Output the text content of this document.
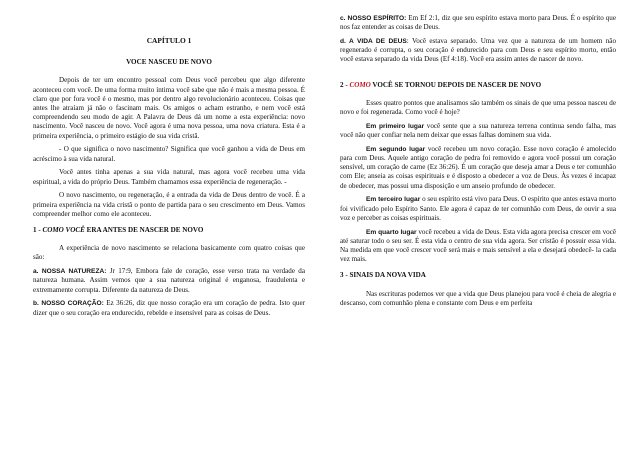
CAPÍTULO 1

VOCE NASCEU DE NOVO

Depois de ter um encontro pessoal com Deus você percebeu que algo diferente aconteceu com você. De uma forma muito íntima você sabe que não é mais a mesma pessoa. É claro que por fora você é o mesmo, mas por dentro algo revolucionário aconteceu. Coisas que antes lhe atraíam já não o fascinam mais. Os amigos o acham estranho, e nem você está compreendendo seu modo de agir. A Palavra de Deus dá um nome a esta experiência: novo nascimento. Você nasceu de novo. Você agora é uma nova pessoa, uma nova criatura. Esta é a primeira experiência, o primeiro estágio de sua vida cristã.

- O que significa o novo nascimento? Significa que você ganhou a vida de Deus em acréscimo à sua vida natural.

Você antes tinha apenas a sua vida natural, mas agora você recebeu uma vida espiritual, a vida do próprio Deus. Também chamamos essa experiência de regeneração. -

O novo nascimento, ou regeneração, é a entrada da vida de Deus dentro de você. É a primeira experiência na vida cristã o ponto de partida para o seu crescimento em Deus. Vamos compreender melhor como ele aconteceu.

1 - COMO VOCÊ ERA ANTES DE NASCER DE NOVO

A experiência de novo nascimento se relaciona basicamente com quatro coisas que são:

a. NOSSA NATUREZA: Jr 17:9, Embora fale de coração, esse verso trata na verdade da natureza humana. Assim vemos que a sua natureza original é enganosa, fraudulenta e extremamente corrupta. Diferente da natureza de Deus.

b. NOSSO CORAÇÃO: Ez 36:26, diz que nosso coração era um coração de pedra. Isto quer dizer que o seu coração era endurecido, rebelde e insensível para as coisas de Deus.

c. NOSSO ESPÍRITO: Em Ef 2:1, diz que seu espírito estava morto para Deus. É o espírito que nos faz entender as coisas de Deus.

d. A VIDA DE DEUS: Você estava separado. Uma vez que a natureza de um homem não regenerado é corrupta, o seu coração é endurecido para com Deus e seu espírito morto, então você estava separado da vida Deus (Ef 4:18). Você era assim antes de nascer de novo.

2 - COMO VOCÊ SE TORNOU DEPOIS DE NASCER DE NOVO

Esses quatro pontos que analisamos são também os sinais de que uma pessoa nasceu de novo e foi regenerada. Como você é hoje?

Em primeiro lugar você sente que a sua natureza terrena continua sendo falha, mas você não quer confiar nela nem deixar que essas falhas dominem sua vida.

Em segundo lugar você recebeu um novo coração. Esse novo coração é amolecido para com Deus. Aquele antigo coração de pedra foi removido e agora você possui um coração sensível, um coração de carne (Ez 36:26). É um coração que deseja amar a Deus e ter comunhão com Ele; anseia as coisas espirituais e é disposto a obedecer a voz de Deus. Às vezes é incapaz de obedecer, mas possui uma disposição e um anseio profundo de obedecer.

Em terceiro lugar o seu espírito está vivo para Deus. O espírito que antes estava morto foi vivificado pelo Espírito Santo. Ele agora é capaz de ter comunhão com Deus, de ouvir a sua voz e perceber as coisas espirituais.

Em quarto lugar você recebeu a vida de Deus. Esta vida agora precisa crescer em você até saturar todo o seu ser. É esta vida o centro de sua vida agora. Ser cristão é possuir essa vida. Na medida em que você crescer você será mais e mais sensível a ela e desejará obedecê- la cada vez mais.

3 - SINAIS DA NOVA VIDA

Nas escrituras podemos ver que a vida que Deus planejou para você é cheia de alegria e descanso, com comunhão plena e constante com Deus e em perfeita
